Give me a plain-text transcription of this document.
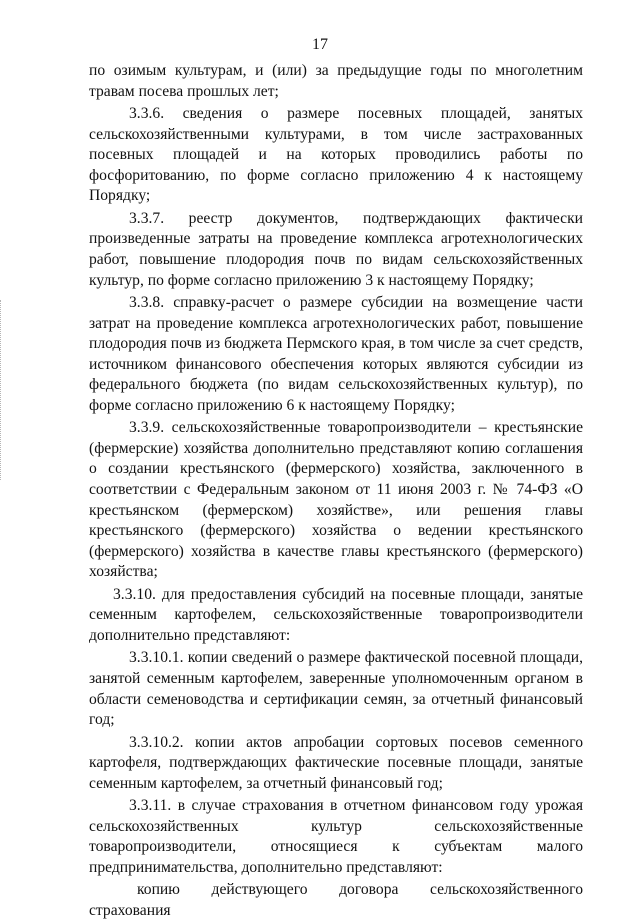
17

по озимым культурам, и (или) за предыдущие годы по многолетним травам посева прошлых лет;

3.3.6. сведения о размере посевных площадей, занятых сельскохозяйственными культурами, в том числе застрахованных посевных площадей и на которых проводились работы по фосфоритованию, по форме согласно приложению 4 к настоящему Порядку;

3.3.7. реестр документов, подтверждающих фактически произведенные затраты на проведение комплекса агротехнологических работ, повышение плодородия почв по видам сельскохозяйственных культур, по форме согласно приложению 3 к настоящему Порядку;

3.3.8. справку-расчет о размере субсидии на возмещение части затрат на проведение комплекса агротехнологических работ, повышение плодородия почв из бюджета Пермского края, в том числе за счет средств, источником финансового обеспечения которых являются субсидии из федерального бюджета (по видам сельскохозяйственных культур), по форме согласно приложению 6 к настоящему Порядку;

3.3.9. сельскохозяйственные товаропроизводители – крестьянские (фермерские) хозяйства дополнительно представляют копию соглашения о создании крестьянского (фермерского) хозяйства, заключенного в соответствии с Федеральным законом от 11 июня 2003 г. № 74-ФЗ «О крестьянском (фермерском) хозяйстве», или решения главы крестьянского (фермерского) хозяйства о ведении крестьянского (фермерского) хозяйства в качестве главы крестьянского (фермерского) хозяйства;

3.3.10. для предоставления субсидий на посевные площади, занятые семенным картофелем, сельскохозяйственные товаропроизводители дополнительно представляют:

3.3.10.1. копии сведений о размере фактической посевной площади, занятой семенным картофелем, заверенные уполномоченным органом в области семеноводства и сертификации семян, за отчетный финансовый год;

3.3.10.2. копии актов апробации сортовых посевов семенного картофеля, подтверждающих фактические посевные площади, занятые семенным картофелем, за отчетный финансовый год;

3.3.11. в случае страхования в отчетном финансовом году урожая сельскохозяйственных культур сельскохозяйственные товаропроизводители, относящиеся к субъектам малого предпринимательства, дополнительно представляют:

копию действующего договора сельскохозяйственного страхования
